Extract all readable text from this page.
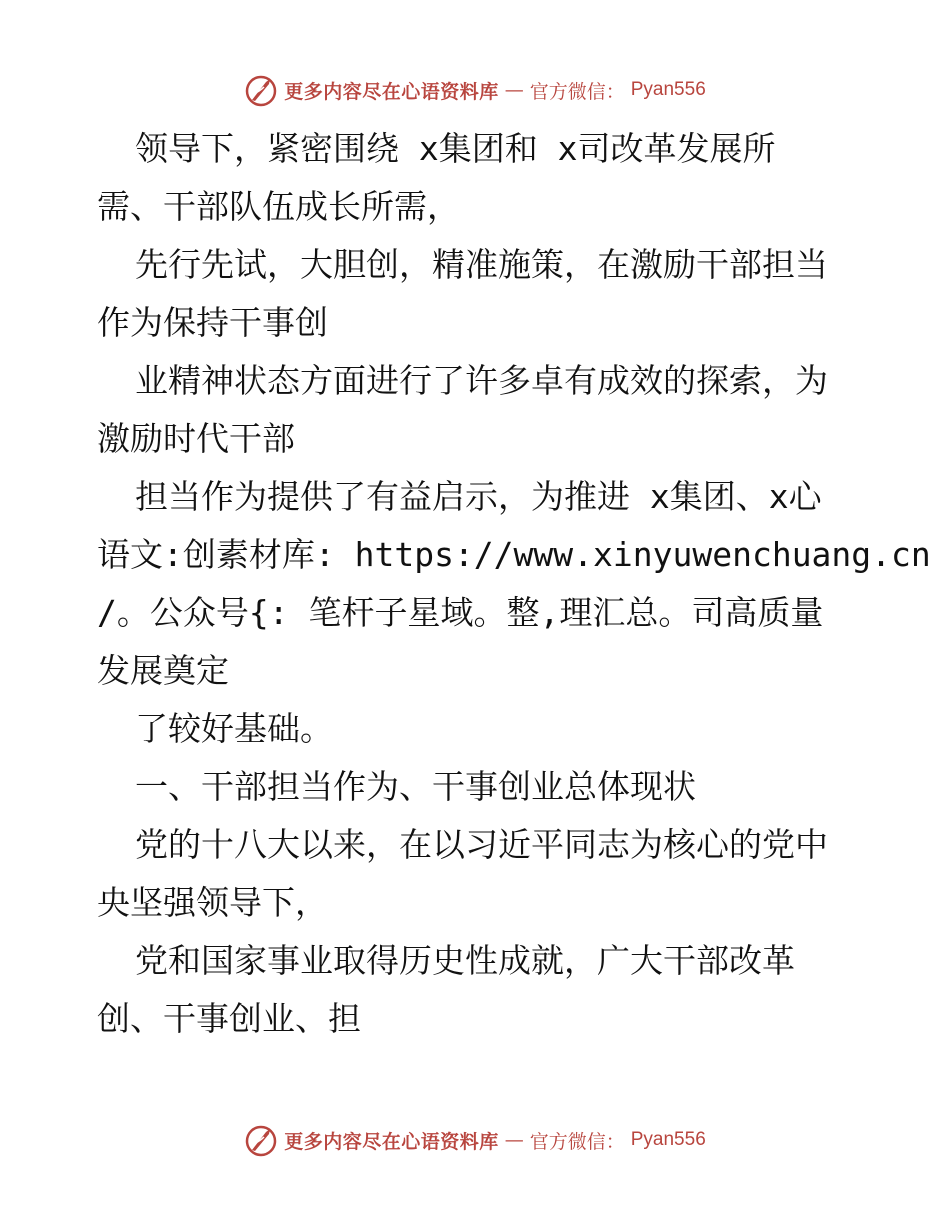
更多内容尽在心语资料库 — 官方微信： Pyan556
领导下，紧密围绕 x集团和 x司改革发展所
需、干部队伍成长所需，
先行先试，大胆创，精准施策，在激励干部担当
作为保持干事创
业精神状态方面进行了许多卓有成效的探索，为
激励时代干部
担当作为提供了有益启示，为推进 x集团、x心
语文:创素材库: https://www.xinyuwenchuang.cn
/。公众号{: 笔杆子星域。整,理汇总。司高质量
发展奠定
了较好基础。
一、干部担当作为、干事创业总体现状
党的十八大以来，在以习近平同志为核心的党中
央坚强领导下，
党和国家事业取得历史性成就，广大干部改革
创、干事创业、担
更多内容尽在心语资料库 — 官方微信： Pyan556
